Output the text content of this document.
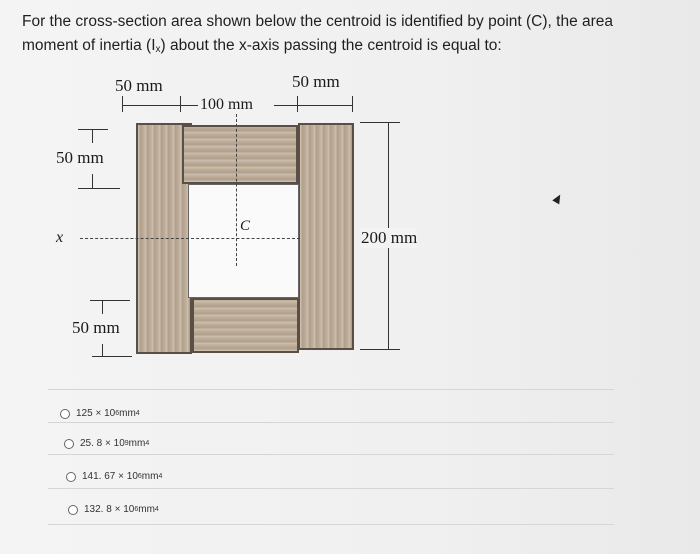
For the cross-section area shown below the centroid is identified by point (C), the area moment of inertia $(I_x)$ about the x-axis passing the centroid is equal to:
50 mm	50 mm
100 mm
50 mm
x
C
50 mm
200 mm
125 × 10 6 mm 4
25. 8 × 10 9 mm 4
141. 67 × 10 6 mm 4
132. 8 × 10 6 mm 4
